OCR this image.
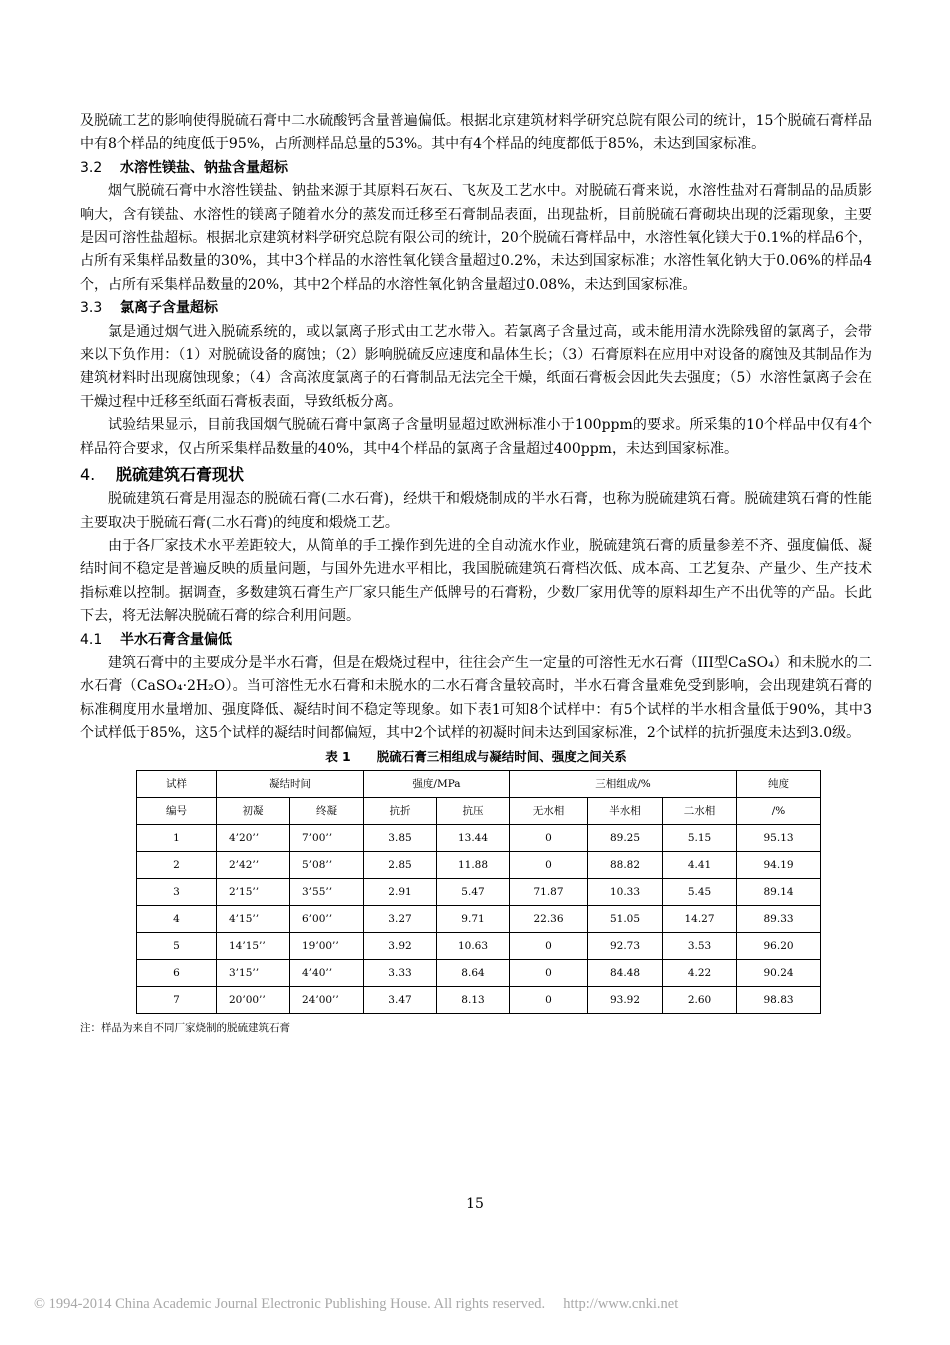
及脱硫工艺的影响使得脱硫石膏中二水硫酸钙含量普遍偏低。根据北京建筑材料学研究总院有限公司的统计，15个脱硫石膏样品中有8个样品的纯度低于95%，占所测样品总量的53%。其中有4个样品的纯度都低于85%，未达到国家标准。

3.2 水溶性镁盐、钠盐含量超标

烟气脱硫石膏中水溶性镁盐、钠盐来源于其原料石灰石、飞灰及工艺水中。对脱硫石膏来说，水溶性盐对石膏制品的品质影响大，含有镁盐、水溶性的镁离子随着水分的蒸发而迁移至石膏制品表面，出现盐析，目前脱硫石膏砌块出现的泛霜现象，主要是因可溶性盐超标。根据北京建筑材料学研究总院有限公司的统计，20个脱硫石膏样品中，水溶性氧化镁大于0.1%的样品6个，占所有采集样品数量的30%，其中3个样品的水溶性氧化镁含量超过0.2%，未达到国家标准；水溶性氧化钠大于0.06%的样品4个，占所有采集样品数量的20%，其中2个样品的水溶性氧化钠含量超过0.08%，未达到国家标准。

3.3 氯离子含量超标

氯是通过烟气进入脱硫系统的，或以氯离子形式由工艺水带入。若氯离子含量过高，或未能用清水洗除残留的氯离子，会带来以下负作用：（1）对脱硫设备的腐蚀；（2）影响脱硫反应速度和晶体生长；（3）石膏原料在应用中对设备的腐蚀及其制品作为建筑材料时出现腐蚀现象；（4）含高浓度氯离子的石膏制品无法完全干燥，纸面石膏板会因此失去强度；（5）水溶性氯离子会在干燥过程中迁移至纸面石膏板表面，导致纸板分离。

试验结果显示，目前我国烟气脱硫石膏中氯离子含量明显超过欧洲标准小于100ppm的要求。所采集的10个样品中仅有4个样品符合要求，仅占所采集样品数量的40%，其中4个样品的氯离子含量超过400ppm，未达到国家标准。

4. 脱硫建筑石膏现状

脱硫建筑石膏是用湿态的脱硫石膏(二水石膏)，经烘干和煅烧制成的半水石膏，也称为脱硫建筑石膏。脱硫建筑石膏的性能主要取决于脱硫石膏(二水石膏)的纯度和煅烧工艺。

由于各厂家技术水平差距较大，从简单的手工操作到先进的全自动流水作业，脱硫建筑石膏的质量参差不齐、强度偏低、凝结时间不稳定是普遍反映的质量问题，与国外先进水平相比，我国脱硫建筑石膏档次低、成本高、工艺复杂、产量少、生产技术指标难以控制。据调查，多数建筑石膏生产厂家只能生产低牌号的石膏粉，少数厂家用优等的原料却生产不出优等的产品。长此下去，将无法解决脱硫石膏的综合利用问题。

4.1 半水石膏含量偏低

建筑石膏中的主要成分是半水石膏，但是在煅烧过程中，往往会产生一定量的可溶性无水石膏（III型CaSO₄）和未脱水的二水石膏（CaSO₄·2H₂O）。当可溶性无水石膏和未脱水的二水石膏含量较高时，半水石膏含量难免受到影响，会出现建筑石膏的标准稠度用水量增加、强度降低、凝结时间不稳定等现象。如下表1可知8个试样中：有5个试样的半水相含量低于90%，其中3个试样低于85%，这5个试样的凝结时间都偏短，其中2个试样的初凝时间未达到国家标准，2个试样的抗折强度未达到3.0级。

表 1 脱硫石膏三相组成与凝结时间、强度之间关系
试样	凝结时间		强度/MPa		三相组成/%			纯度
编号	初凝	终凝	抗折	抗压	无水相	半水相	二水相	/%
1	4’20’’	7’00’’	3.85	13.44	0	89.25	5.15	95.13
2	2’42’’	5’08’’	2.85	11.88	0	88.82	4.41	94.19
3	2’15’’	3’55’’	2.91	5.47	71.87	10.33	5.45	89.14
4	4’15’’	6’00’’	3.27	9.71	22.36	51.05	14.27	89.33
5	14’15’’	19’00’’	3.92	10.63	0	92.73	3.53	96.20
6	3’15’’	4’40’’	3.33	8.64	0	84.48	4.22	90.24
7	20’00’’	24’00’’	3.47	8.13	0	93.92	2.60	98.83
注：样品为来自不同厂家烧制的脱硫建筑石膏
15
© 1994-2014 China Academic Journal Electronic Publishing House. All rights reserved. http://www.cnki.net
